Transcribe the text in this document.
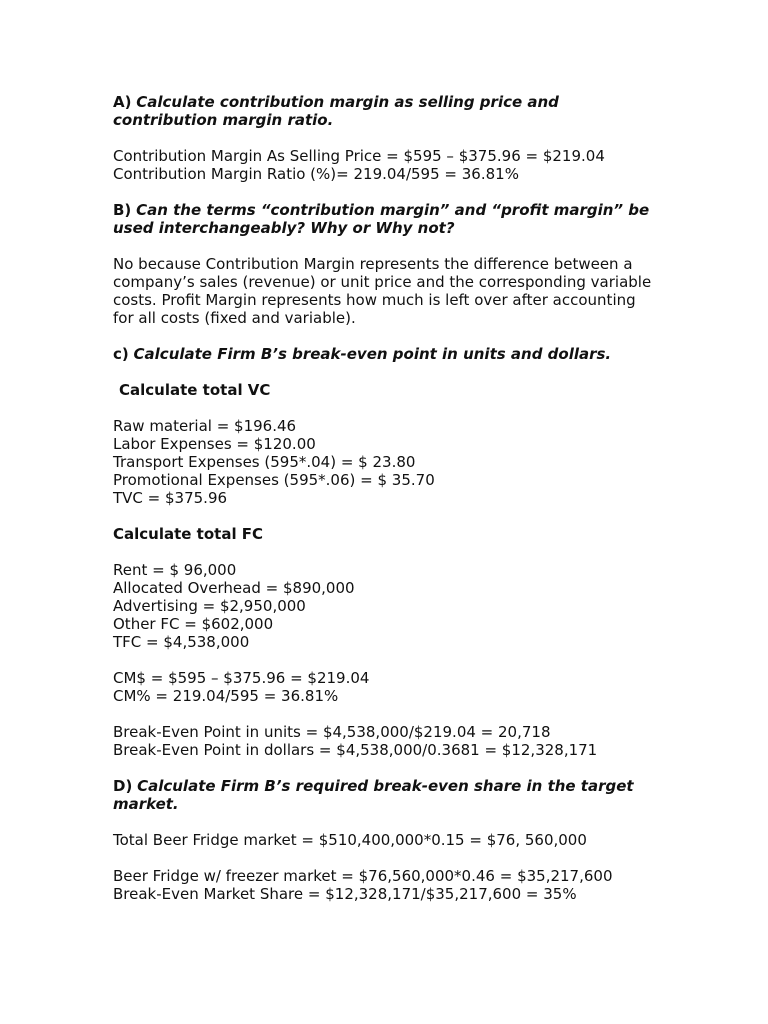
A) Calculate contribution margin as selling price and

contribution margin ratio.

Contribution Margin As Selling Price = $595 – $375.96 = $219.04

Contribution Margin Ratio (%)= 219.04/595 = 36.81%

B) Can the terms “contribution margin” and “profit margin” be

used interchangeably? Why or Why not?

No because Contribution Margin represents the difference between a

company’s sales (revenue) or unit price and the corresponding variable

costs. Profit Margin represents how much is left over after accounting

for all costs (fixed and variable).

c) Calculate Firm B’s break-even point in units and dollars.

Calculate total VC

Raw material = $196.46

Labor Expenses = $120.00

Transport Expenses (595*.04) = $ 23.80

Promotional Expenses (595*.06) = $ 35.70

TVC = $375.96

Calculate total FC

Rent = $ 96,000

Allocated Overhead = $890,000

Advertising = $2,950,000

Other FC = $602,000

TFC = $4,538,000

CM$ = $595 – $375.96 = $219.04

CM% = 219.04/595 = 36.81%

Break-Even Point in units = $4,538,000/$219.04 = 20,718

Break-Even Point in dollars = $4,538,000/0.3681 = $12,328,171

D) Calculate Firm B’s required break-even share in the target

market.

Total Beer Fridge market = $510,400,000*0.15 = $76, 560,000

Beer Fridge w/ freezer market = $76,560,000*0.46 = $35,217,600

Break-Even Market Share = $12,328,171/$35,217,600 = 35%
